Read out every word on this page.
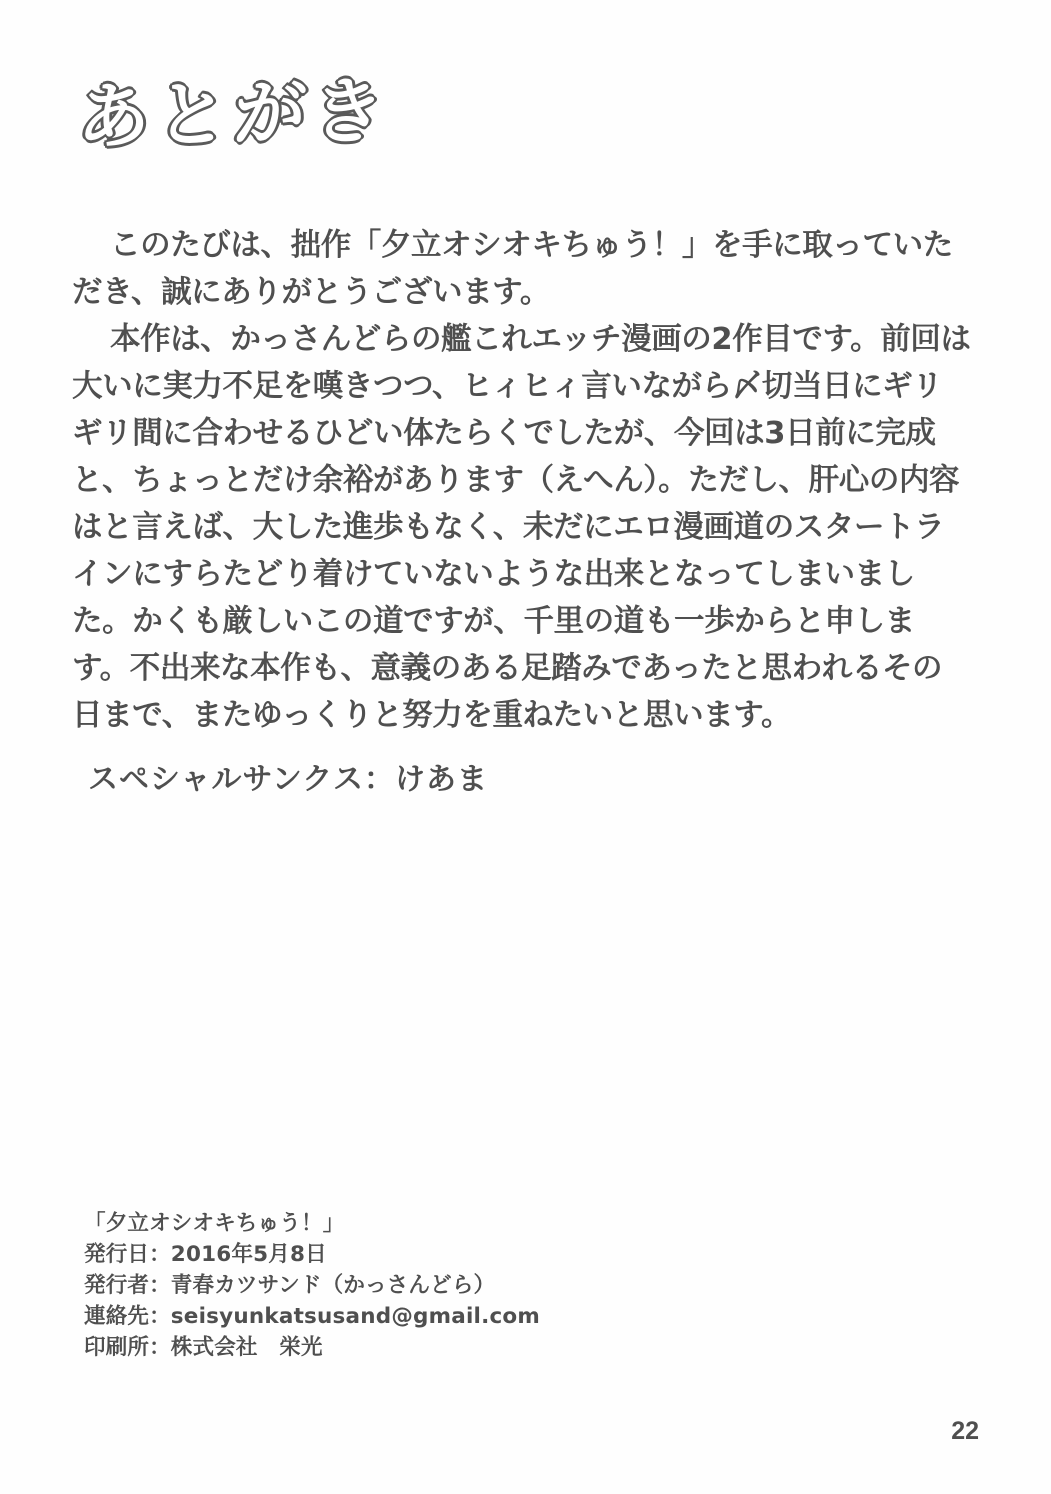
あとがき

このたびは、拙作「夕立オシオキちゅう！」を手に取っていただき、誠にありがとうございます。

本作は、かっさんどらの艦これエッチ漫画の2作目です。前回は大いに実力不足を嘆きつつ、ヒィヒィ言いながら〆切当日にギリギリ間に合わせるひどい体たらくでしたが、今回は3日前に完成と、ちょっとだけ余裕があります（えへん）。ただし、肝心の内容はと言えば、大した進歩もなく、未だにエロ漫画道のスタートラインにすらたどり着けていないような出来となってしまいました。かくも厳しいこの道ですが、千里の道も一歩からと申します。不出来な本作も、意義のある足踏みであったと思われるその日まで、またゆっくりと努力を重ねたいと思います。

スペシャルサンクス：けあま
「夕立オシオキちゅう！」
発行日：2016年5月8日
発行者：青春カツサンド（かっさんどら）
連絡先：seisyunkatsusand@gmail.com
印刷所：株式会社　栄光
22
